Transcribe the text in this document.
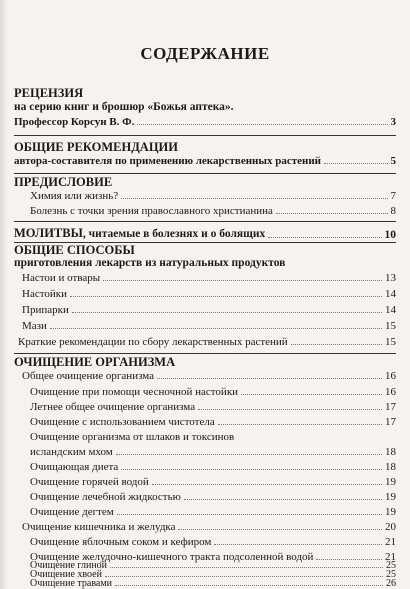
СОДЕРЖАНИЕ
РЕЦЕНЗИЯ
на серию книг и брошюр «Божья аптека».
Профессор Корсун В. Ф.	3
ОБЩИЕ РЕКОМЕНДАЦИИ
автора-составителя по применению лекарственных растений	5
ПРЕДИСЛОВИЕ
Химия или жизнь?	7
Болезнь с точки зрения православного христианина	8
МОЛИТВЫ, читаемые в болезнях и о болящих	10
ОБЩИЕ СПОСОБЫ
приготовления лекарств из натуральных продуктов
Настои и отвары	13
Настойки	14
Припарки	14
Мази	15
Краткие рекомендации по сбору лекарственных растений	15
ОЧИЩЕНИЕ ОРГАНИЗМА
Общее очищение организма	16
Очищение при помощи чесночной настойки	16
Летнее общее очищение организма	17
Очищение с использованием чистотела	17
Очищение организма от шлаков и токсинов
исландским мхом	18
Очищающая диета	18
Очищение горячей водой	19
Очищение лечебной жидкостью	19
Очищение дегтем	19
Очищение кишечника и желудка	20
Очищение яблочным соком и кефиром	21
Очищение желудочно-кишечного тракта подсоленной водой	21
Очищение глиной	25
Очищение хвоей	25
Очищение травами	26
